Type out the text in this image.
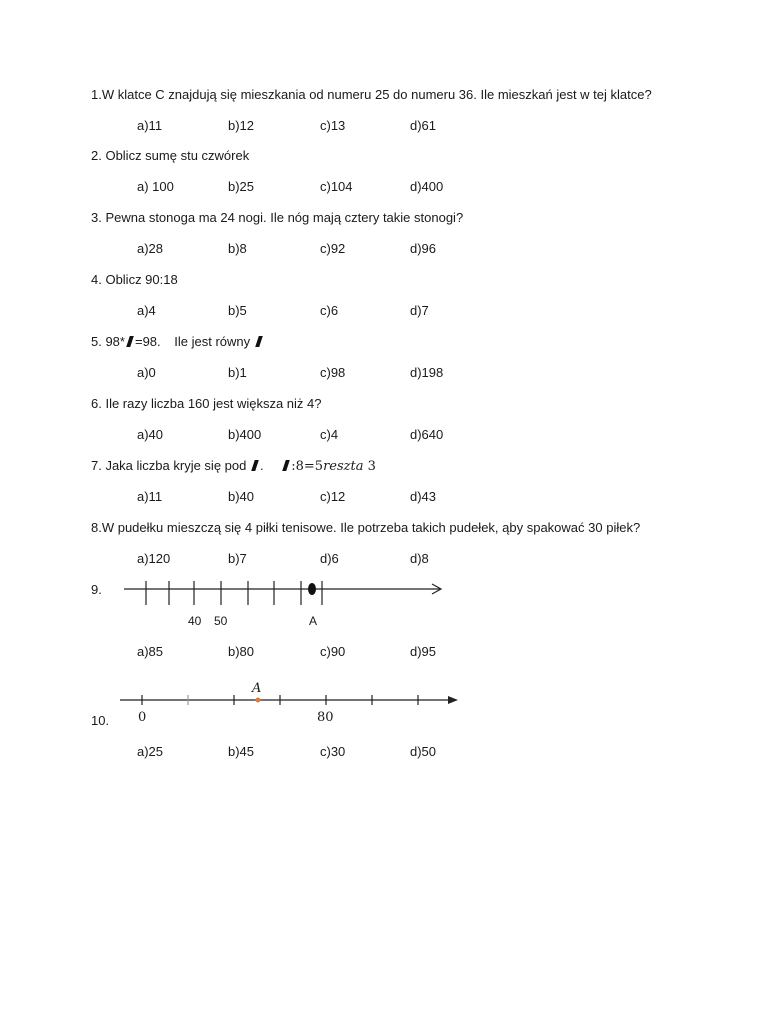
1.W klatce C znajdują się mieszkania od numeru 25 do numeru 36. Ile mieszkań jest w tej klatce?
a)11	b)12	c)13	d)61
2. Oblicz sumę stu czwórek
a) 100	b)25	c)104	d)400
3. Pewna stonoga ma 24 nogi. Ile nóg mają cztery takie stonogi?
a)28	b)8	c)92	d)96
4. Oblicz 90:18
a)4	b)5	c)6	d)7
5. 98* =98. Ile jest równy
a)0	b)1	c)98	d)198
6. Ile razy liczba 160 jest większa niż 4?
a)40	b)400	c)4	d)640
7. Jaka liczba kryje się pod . :8=5reszta 3
a)11	b)40	c)12	d)43
8.W pudełku mieszczą się 4 piłki tenisowe. Ile potrzeba takich pudełek, ąby spakować 30 piłek?
a)120	b)7	d)6	d)8
9.
40 50	A
0	80
A
a)85	b)80	c)90	d)95
10.
a)25	b)45	c)30	d)50
